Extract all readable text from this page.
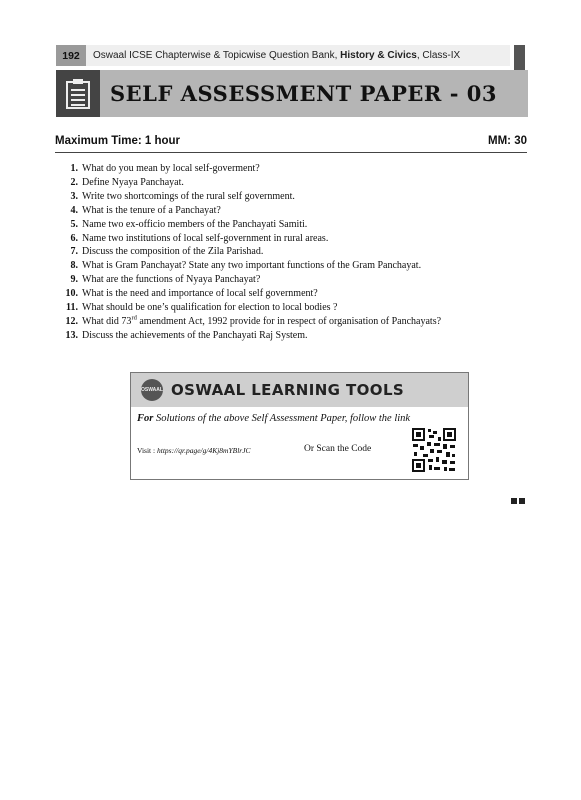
192	Oswaal ICSE Chapterwise & Topicwise Question Bank, History & Civics, Class-IX
SELF ASSESSMENT PAPER - 03
Maximum Time: 1 hour	MM: 30
1 . What do you mean by local self-goverment?
2 . Define Nyaya Panchayat.
3 . Write two shortcomings of the rural self government.
4 . What is the tenure of a Panchayat?
5 . Name two ex-officio members of the Panchayati Samiti.
6 . Name two institutions of local self-government in rural areas.
7 . Discuss the composition of the Zila Parishad.
8 . What is Gram Panchayat? State any two important functions of the Gram Panchayat.
9 . What are the functions of Nyaya Panchayat?
10 . What is the need and importance of local self government?
11 . What should be one’s qualification for election to local bodies ?
12 . What did 73rd amendment Act, 1992 provide for in respect of organisation of Panchayats?
13 . Discuss the achievements of the Panchayati Raj System.
OSWAAL OSWAAL LEARNING TOOLS
For Solutions of the above Self Assessment Paper, follow the link
Visit : https://qr.page/g/4Kj8mYBlrJC	Or Scan the Code
